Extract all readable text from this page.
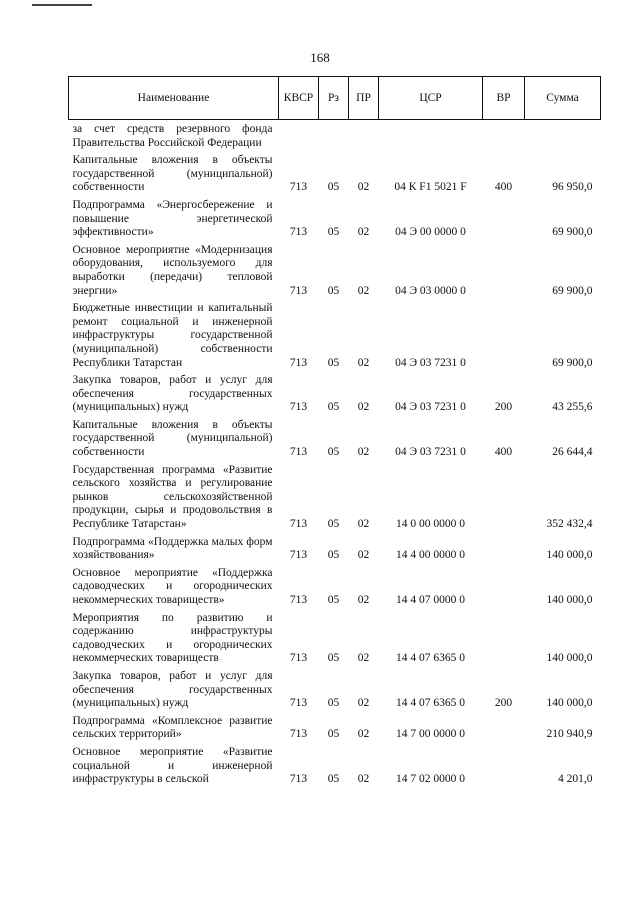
168
Наименование	КВСР	Рз	ПР	ЦСР	ВР	Сумма
за счет средств резервного фонда Правительства Российской Федерации						
Капитальные вложения в объекты государственной (муниципальной) собственности	713	05	02	04 К F1 5021 F	400	96 950,0
Подпрограмма «Энергосбережение и повышение энергетической эффективности»	713	05	02	04 Э 00 0000 0		69 900,0
Основное мероприятие «Модернизация оборудования, используемого для выработки (передачи) тепловой энергии»	713	05	02	04 Э 03 0000 0		69 900,0
Бюджетные инвестиции и капитальный ремонт социальной и инженерной инфраструктуры государственной (муниципальной) собственности Республики Татарстан	713	05	02	04 Э 03 7231 0		69 900,0
Закупка товаров, работ и услуг для обеспечения государственных (муниципальных) нужд	713	05	02	04 Э 03 7231 0	200	43 255,6
Капитальные вложения в объекты государственной (муниципальной) собственности	713	05	02	04 Э 03 7231 0	400	26 644,4
Государственная программа «Развитие сельского хозяйства и регулирование рынков сельскохозяйственной продукции, сырья и продовольствия в Республике Татарстан»	713	05	02	14 0 00 0000 0		352 432,4
Подпрограмма «Поддержка малых форм хозяйствования»	713	05	02	14 4 00 0000 0		140 000,0
Основное мероприятие «Поддержка садоводческих и огороднических некоммерческих товариществ»	713	05	02	14 4 07 0000 0		140 000,0
Мероприятия по развитию и содержанию инфраструктуры садоводческих и огороднических некоммерческих товариществ	713	05	02	14 4 07 6365 0		140 000,0
Закупка товаров, работ и услуг для обеспечения государственных (муниципальных) нужд	713	05	02	14 4 07 6365 0	200	140 000,0
Подпрограмма «Комплексное развитие сельских территорий»	713	05	02	14 7 00 0000 0		210 940,9
Основное мероприятие «Развитие социальной и инженерной инфраструктуры в сельской	713	05	02	14 7 02 0000 0		4 201,0
